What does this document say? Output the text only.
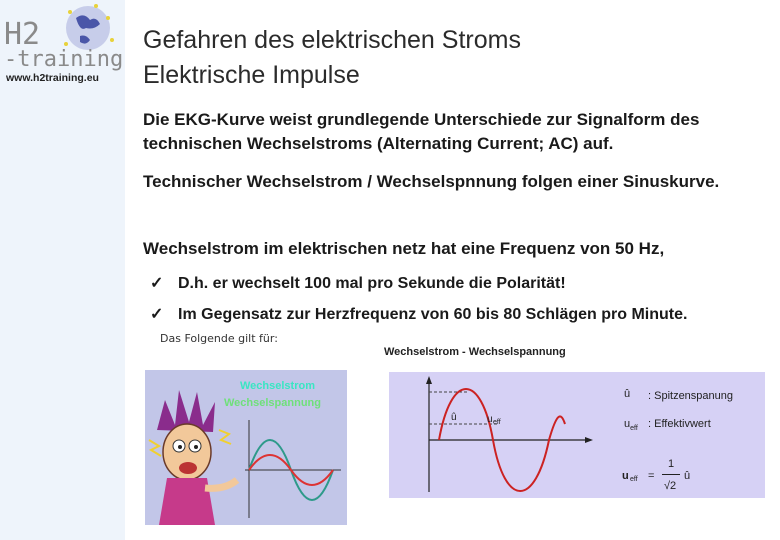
H2
-training
www.h2training.eu
Gefahren des elektrischen Stroms
Elektrische Impulse
Die EKG-Kurve weist grundlegende Unterschiede zur Signalform des technischen Wechselstroms (Alternating Current; AC) auf.
Technischer Wechselstrom / Wechselspnnung folgen einer Sinuskurve.
Wechselstrom im elektrischen netz hat eine Frequenz von 50 Hz,
✓ D.h. er wechselt 100 mal pro Sekunde die Polarität!
✓ Im Gegensatz zur Herzfrequenz von 60 bis 80 Schlägen pro Minute.
Das Folgende gilt für:
Wechselstrom - Wechselspannung
Wechselstrom
Wechselspannung
û	u eff
û : Spitzenspanung
$u_{eff}$ : Effektivwert
u eff =
1
√2
û
